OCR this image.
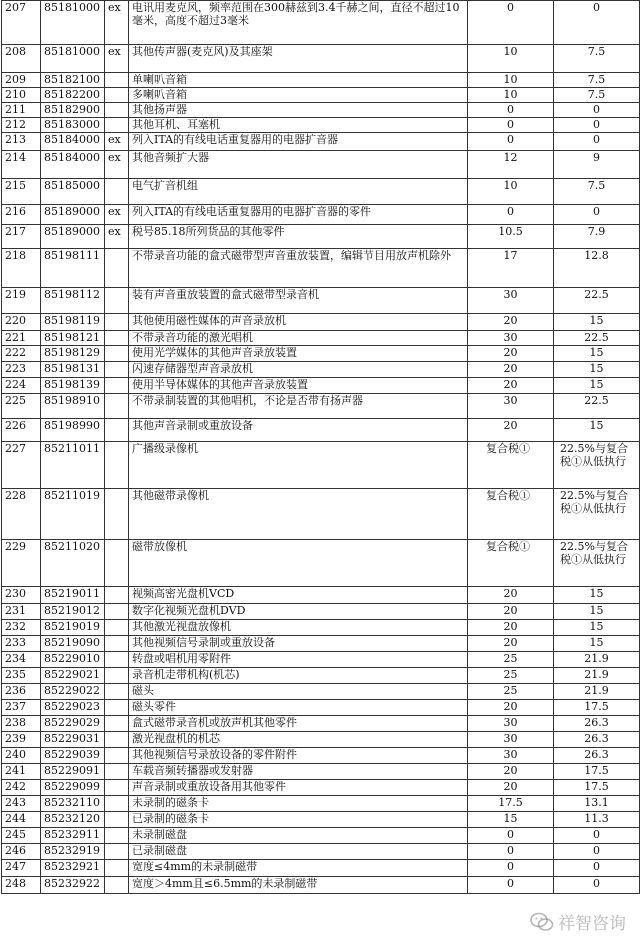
207	85181000	ex	电讯用麦克风，频率范围在300赫兹到3.4千赫之间，直径不超过10毫米，高度不超过3毫米	0	0
208	85181000	ex	其他传声器(麦克风)及其座架	10	7.5
209	85182100		单喇叭音箱	10	7.5
210	85182200		多喇叭音箱	10	7.5
211	85182900		其他扬声器	0	0
212	85183000		其他耳机、耳塞机	0	0
213	85184000	ex	列入ITA的有线电话重复器用的电器扩音器	0	0
214	85184000	ex	其他音频扩大器	12	9
215	85185000		电气扩音机组	10	7.5
216	85189000	ex	列入ITA的有线电话重复器用的电器扩音器的零件	0	0
217	85189000	ex	税号85.18所列货品的其他零件	10.5	7.9
218	85198111		不带录音功能的盒式磁带型声音重放装置，编辑节目用放声机除外	17	12.8
219	85198112		装有声音重放装置的盒式磁带型录音机	30	22.5
220	85198119		其他使用磁性媒体的声音录放机	20	15
221	85198121		不带录音功能的激光唱机	30	22.5
222	85198129		使用光学媒体的其他声音录放装置	20	15
223	85198131		闪速存储器型声音录放机	20	15
224	85198139		使用半导体媒体的其他声音录放装置	20	15
225	85198910		不带录制装置的其他唱机，不论是否带有扬声器	30	22.5
226	85198990		其他声音录制或重放设备	20	15
227	85211011		广播级录像机	复合税①	22.5%与复合税①从低执行
228	85211019		其他磁带录像机	复合税①	22.5%与复合税①从低执行
229	85211020		磁带放像机	复合税①	22.5%与复合税①从低执行
230	85219011		视频高密光盘机VCD	20	15
231	85219012		数字化视频光盘机DVD	20	15
232	85219019		其他激光视盘放像机	20	15
233	85219090		其他视频信号录制或重放设备	20	15
234	85229010		转盘或唱机用零附件	25	21.9
235	85229021		录音机走带机构(机芯)	25	21.9
236	85229022		磁头	25	21.9
237	85229023		磁头零件	20	17.5
238	85229029		盒式磁带录音机或放声机其他零件	30	26.3
239	85229031		激光视盘机的机芯	30	26.3
240	85229039		其他视频信号录放设备的零件附件	30	26.3
241	85229091		车载音频转播器或发射器	20	17.5
242	85229099		声音录制或重放设备用其他零件	20	17.5
243	85232110		未录制的磁条卡	17.5	13.1
244	85232120		已录制的磁条卡	15	11.3
245	85232911		未录制磁盘	0	0
246	85232919		已录制磁盘	0	0
247	85232921		宽度≤4mm的未录制磁带	0	0
248	85232922		宽度＞4mm且≤6.5mm的未录制磁带	0	0
祥智咨询
